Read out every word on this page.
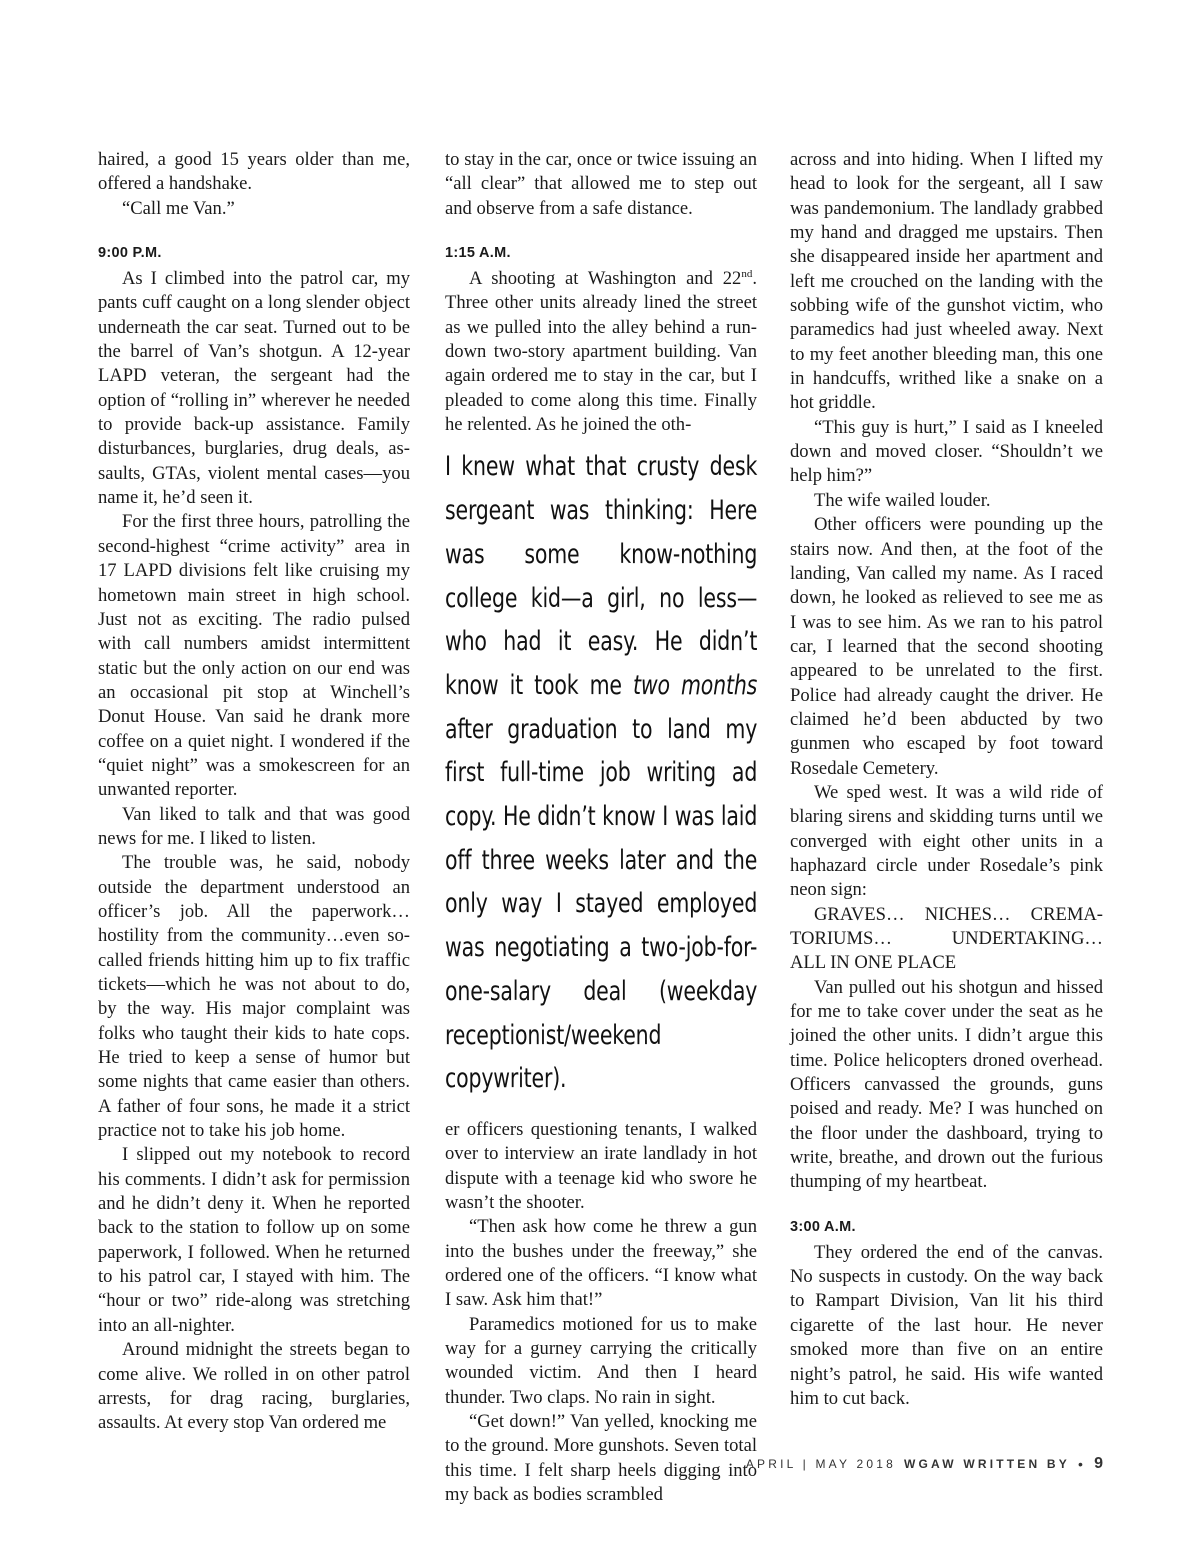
haired, a good 15 years older than me, offered a handshake.

“Call me Van.”

9:00 P.M.

As I climbed into the patrol car, my pants cuff caught on a long slender object underneath the car seat. Turned out to be the barrel of Van’s shotgun. A 12-year LAPD veteran, the sergeant had the option of “rolling in” wherever he needed to provide back-up assistance. Family disturbances, burglaries, drug deals, assaults, GTAs, violent mental cases—you name it, he’d seen it.

For the first three hours, patrolling the second-highest “crime activity” area in 17 LAPD divisions felt like cruising my hometown main street in high school. Just not as exciting. The radio pulsed with call numbers amidst intermittent static but the only action on our end was an occasional pit stop at Winchell’s Donut House. Van said he drank more coffee on a quiet night. I wondered if the “quiet night” was a smokescreen for an unwanted reporter.

Van liked to talk and that was good news for me. I liked to listen.

The trouble was, he said, nobody outside the department understood an officer’s job. All the paperwork… hostility from the community…even so-called friends hitting him up to fix traffic tickets—which he was not about to do, by the way. His major complaint was folks who taught their kids to hate cops. He tried to keep a sense of humor but some nights that came easier than others. A father of four sons, he made it a strict practice not to take his job home.

I slipped out my notebook to record his comments. I didn’t ask for permission and he didn’t deny it. When he reported back to the station to follow up on some paperwork, I followed. When he returned to his patrol car, I stayed with him. The “hour or two” ride-along was stretching into an all-nighter.

Around midnight the streets began to come alive. We rolled in on other patrol arrests, for drag racing, burglaries, assaults. At every stop Van ordered me

to stay in the car, once or twice issuing an “all clear” that allowed me to step out and observe from a safe distance.

1:15 A.M.

A shooting at Washington and 22nd. Three other units already lined the street as we pulled into the alley behind a rundown two-story apartment building. Van again ordered me to stay in the car, but I pleaded to come along this time. Finally he relented. As he joined the oth-

I knew what that crusty desk sergeant was thinking: Here was some know-nothing college kid—a girl, no less—who had it easy. He didn’t know it took me two months after graduation to land my first full-time job writing ad copy. He didn’t know I was laid off three weeks later and the only way I stayed employed was negotiating a two-job-for-one-salary deal (weekday receptionist/weekend copywriter).

er officers questioning tenants, I walked over to interview an irate landlady in hot dispute with a teenage kid who swore he wasn’t the shooter.

“Then ask how come he threw a gun into the bushes under the freeway,” she ordered one of the officers. “I know what I saw. Ask him that!”

Paramedics motioned for us to make way for a gurney carrying the critically wounded victim. And then I heard thunder. Two claps. No rain in sight.

“Get down!” Van yelled, knocking me to the ground. More gunshots. Seven total this time. I felt sharp heels digging into my back as bodies scrambled

across and into hiding. When I lifted my head to look for the sergeant, all I saw was pandemonium. The landlady grabbed my hand and dragged me upstairs. Then she disappeared inside her apartment and left me crouched on the landing with the sobbing wife of the gunshot victim, who paramedics had just wheeled away. Next to my feet another bleeding man, this one in handcuffs, writhed like a snake on a hot griddle.

“This guy is hurt,” I said as I kneeled down and moved closer. “Shouldn’t we help him?”

The wife wailed louder.

Other officers were pounding up the stairs now. And then, at the foot of the landing, Van called my name. As I raced down, he looked as relieved to see me as I was to see him. As we ran to his patrol car, I learned that the second shooting appeared to be unrelated to the first. Police had already caught the driver. He claimed he’d been abducted by two gunmen who escaped by foot toward Rosedale Cemetery.

We sped west. It was a wild ride of blaring sirens and skidding turns until we converged with eight other units in a haphazard circle under Rosedale’s pink neon sign:

GRAVES… NICHES… CREMA-

TORIUMS… UNDERTAKING…

ALL IN ONE PLACE

Van pulled out his shotgun and hissed for me to take cover under the seat as he joined the other units. I didn’t argue this time. Police helicopters droned overhead. Officers canvassed the grounds, guns poised and ready. Me? I was hunched on the floor under the dashboard, trying to write, breathe, and drown out the furious thumping of my heartbeat.

3:00 A.M.

They ordered the end of the canvas. No suspects in custody. On the way back to Rampart Division, Van lit his third cigarette of the last hour. He never smoked more than five on an entire night’s patrol, he said. His wife wanted him to cut back.

APRIL | MAY 2018 WGAW WRITTEN BY • 9
